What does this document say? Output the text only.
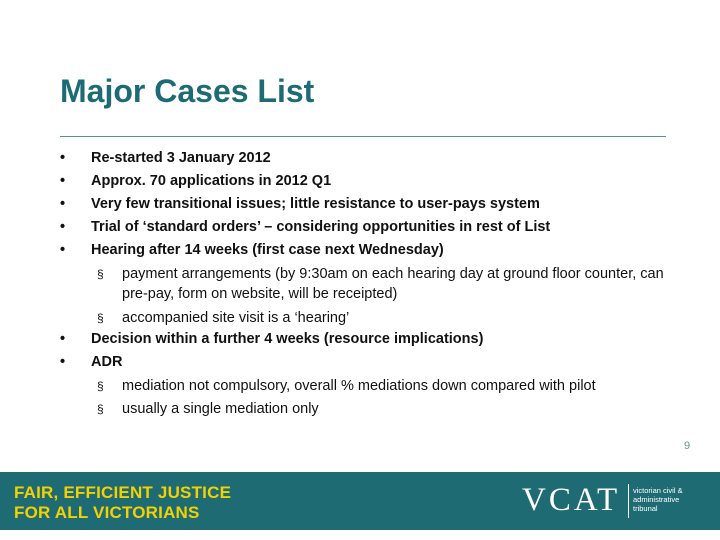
Major Cases List
• Re-started 3 January 2012
• Approx. 70 applications in 2012 Q1
• Very few transitional issues; little resistance to user-pays system
• Trial of ‘standard orders’ – considering opportunities in rest of List
• Hearing after 14 weeks (first case next Wednesday)
§ payment arrangements (by 9:30am on each hearing day at ground floor counter, can pre-pay, form on website, will be receipted)
§ accompanied site visit is a ‘hearing’
• Decision within a further 4 weeks (resource implications)
• ADR
§ mediation not compulsory, overall % mediations down compared with pilot
§ usually a single mediation only
9
FAIR, EFFICIENT JUSTICE
FOR ALL VICTORIANS	VCAT victorian civil &
administrative
tribunal
